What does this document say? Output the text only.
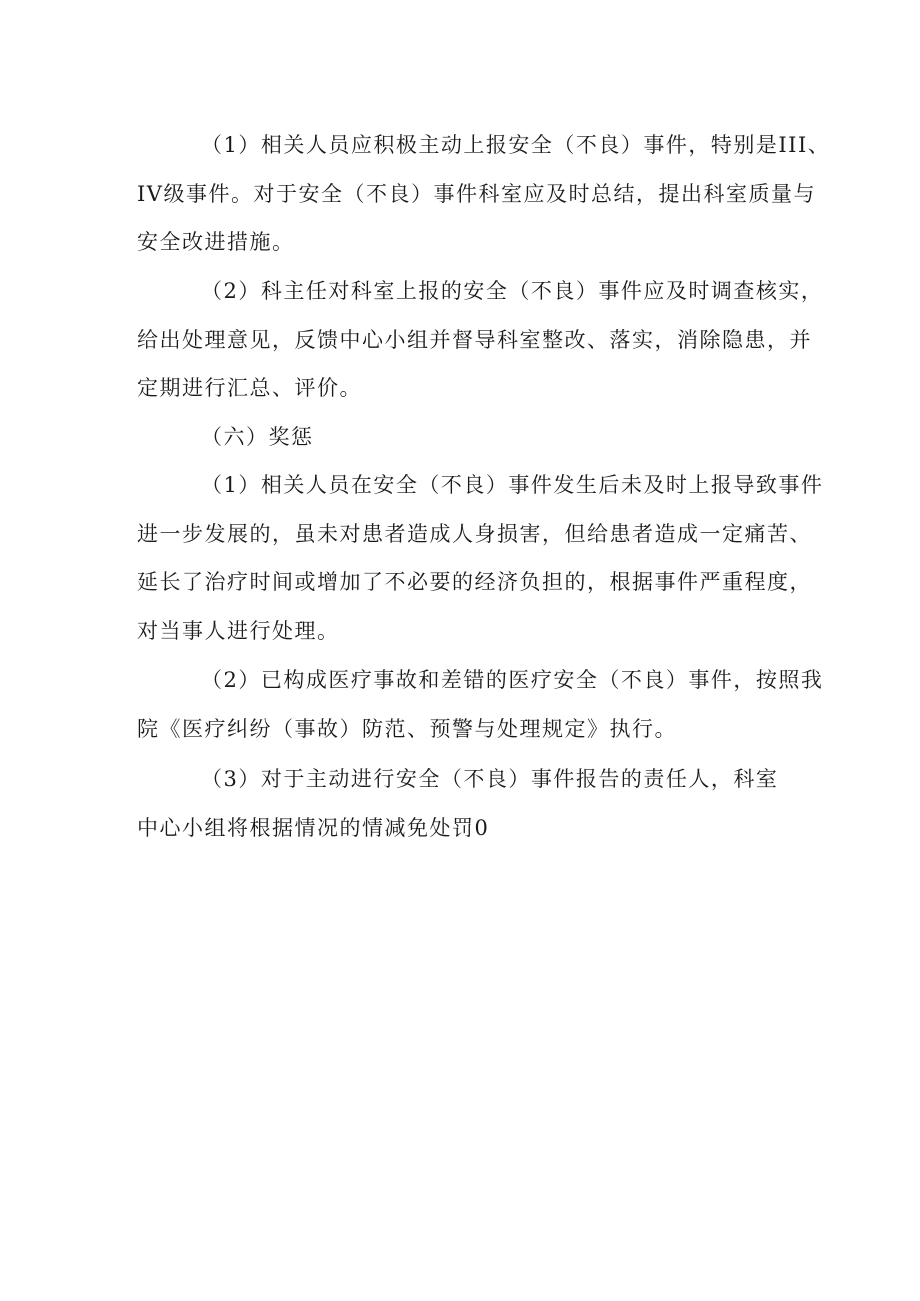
（1）相关人员应积极主动上报安全（不良）事件，特别是III、
IV级事件。对于安全（不良）事件科室应及时总结，提出科室质量与
安全改进措施。
（2）科主任对科室上报的安全（不良）事件应及时调查核实，
给出处理意见，反馈中心小组并督导科室整改、落实，消除隐患，并
定期进行汇总、评价。
（六）奖惩
（1）相关人员在安全（不良）事件发生后未及时上报导致事件
进一步发展的，虽未对患者造成人身损害，但给患者造成一定痛苦、
延长了治疗时间或增加了不必要的经济负担的，根据事件严重程度，
对当事人进行处理。
（2）已构成医疗事故和差错的医疗安全（不良）事件，按照我
院《医疗纠纷（事故）防范、预警与处理规定》执行。
（3）对于主动进行安全（不良）事件报告的责任人，科室
中心小组将根据情况的情减免处罚0
